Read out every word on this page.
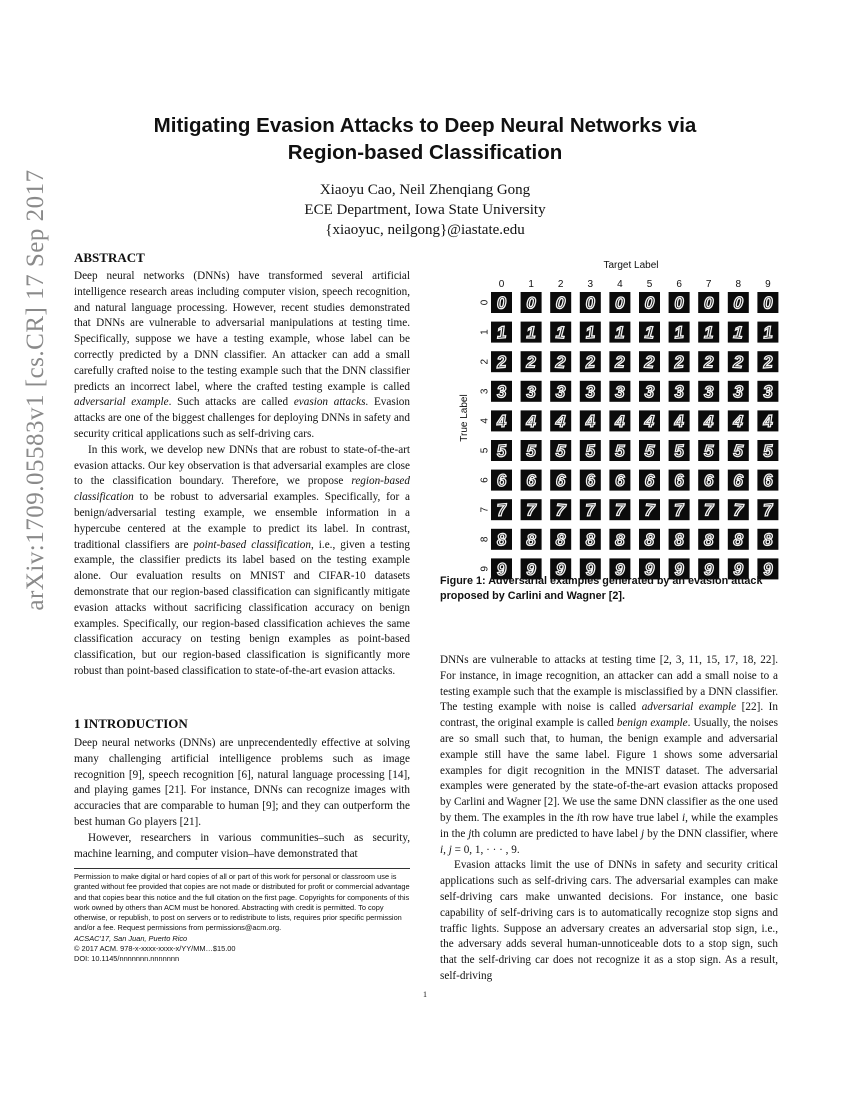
arXiv:1709.05583v1 [cs.CR] 17 Sep 2017
Mitigating Evasion Attacks to Deep Neural Networks via
Region-based Classification
Xiaoyu Cao, Neil Zhenqiang Gong
ECE Department, Iowa State University
{xiaoyuc, neilgong}@iastate.edu
ABSTRACT

Deep neural networks (DNNs) have transformed several artificial intelligence research areas including computer vision, speech recognition, and natural language processing. However, recent studies demonstrated that DNNs are vulnerable to adversarial manipulations at testing time. Specifically, suppose we have a testing example, whose label can be correctly predicted by a DNN classifier. An attacker can add a small carefully crafted noise to the testing example such that the DNN classifier predicts an incorrect label, where the crafted testing example is called adversarial example. Such attacks are called evasion attacks. Evasion attacks are one of the biggest challenges for deploying DNNs in safety and security critical applications such as self-driving cars.

In this work, we develop new DNNs that are robust to state-of-the-art evasion attacks. Our key observation is that adversarial examples are close to the classification boundary. Therefore, we propose region-based classification to be robust to adversarial examples. Specifically, for a benign/adversarial testing example, we ensemble information in a hypercube centered at the example to predict its label. In contrast, traditional classifiers are point-based classification, i.e., given a testing example, the classifier predicts its label based on the testing example alone. Our evaluation results on MNIST and CIFAR-10 datasets demonstrate that our region-based classification can significantly mitigate evasion attacks without sacrificing classification accuracy on benign examples. Specifically, our region-based classification achieves the same classification accuracy on testing benign examples as point-based classification, but our region-based classification is significantly more robust than point-based classification to state-of-the-art evasion attacks.

1 INTRODUCTION

Deep neural networks (DNNs) are unprecendentedly effective at solving many challenging artificial intelligence problems such as image recognition [9], speech recognition [6], natural language processing [14], and playing games [21]. For instance, DNNs can recognize images with accuracies that are comparable to human [9]; and they can outperform the best human Go players [21].

However, researchers in various communities–such as security, machine learning, and computer vision–have demonstrated that

Permission to make digital or hard copies of all or part of this work for personal or classroom use is granted without fee provided that copies are not made or distributed for profit or commercial advantage and that copies bear this notice and the full citation on the first page. Copyrights for components of this work owned by others than ACM must be honored. Abstracting with credit is permitted. To copy otherwise, or republish, to post on servers or to redistribute to lists, requires prior specific permission and/or a fee. Request permissions from permissions@acm.org.
ACSAC'17, San Juan, Puerto Rico
© 2017 ACM. 978-x-xxxx-xxxx-x/YY/MM…$15.00
DOI: 10.1145/nnnnnnn.nnnnnnn
Target Label
True Label
0 1 2 3 4 5 6 7 8 9
0 0 0 0 0 0 0 0 0 0 0
1 1 1 1 1 1 1 1 1 1 1
2 2 2 2 2 2 2 2 2 2 2
3 3 3 3 3 3 3 3 3 3 3
4 4 4 4 4 4 4 4 4 4 4
5 5 5 5 5 5 5 5 5 5 5
6 6 6 6 6 6 6 6 6 6 6
7 7 7 7 7 7 7 7 7 7 7
8 8 8 8 8 8 8 8 8 8 8
9 9 9 9 9 9 9 9 9 9 9
Figure 1: Adversarial examples generated by an evasion attack proposed by Carlini and Wagner [2].

DNNs are vulnerable to attacks at testing time [2, 3, 11, 15, 17, 18, 22]. For instance, in image recognition, an attacker can add a small noise to a testing example such that the example is misclassified by a DNN classifier. The testing example with noise is called adversarial example [22]. In contrast, the original example is called benign example. Usually, the noises are so small such that, to human, the benign example and adversarial example still have the same label. Figure 1 shows some adversarial examples for digit recognition in the MNIST dataset. The adversarial examples were generated by the state-of-the-art evasion attacks proposed by Carlini and Wagner [2]. We use the same DNN classifier as the one used by them. The examples in the ith row have true label i, while the examples in the jth column are predicted to have label j by the DNN classifier, where i, j = 0, 1, · · · , 9.

Evasion attacks limit the use of DNNs in safety and security critical applications such as self-driving cars. The adversarial examples can make self-driving cars make unwanted decisions. For instance, one basic capability of self-driving cars is to automatically recognize stop signs and traffic lights. Suppose an adversary creates an adversarial stop sign, i.e., the adversary adds several human-unnoticeable dots to a stop sign, such that the self-driving car does not recognize it as a stop sign. As a result, self-driving

1
